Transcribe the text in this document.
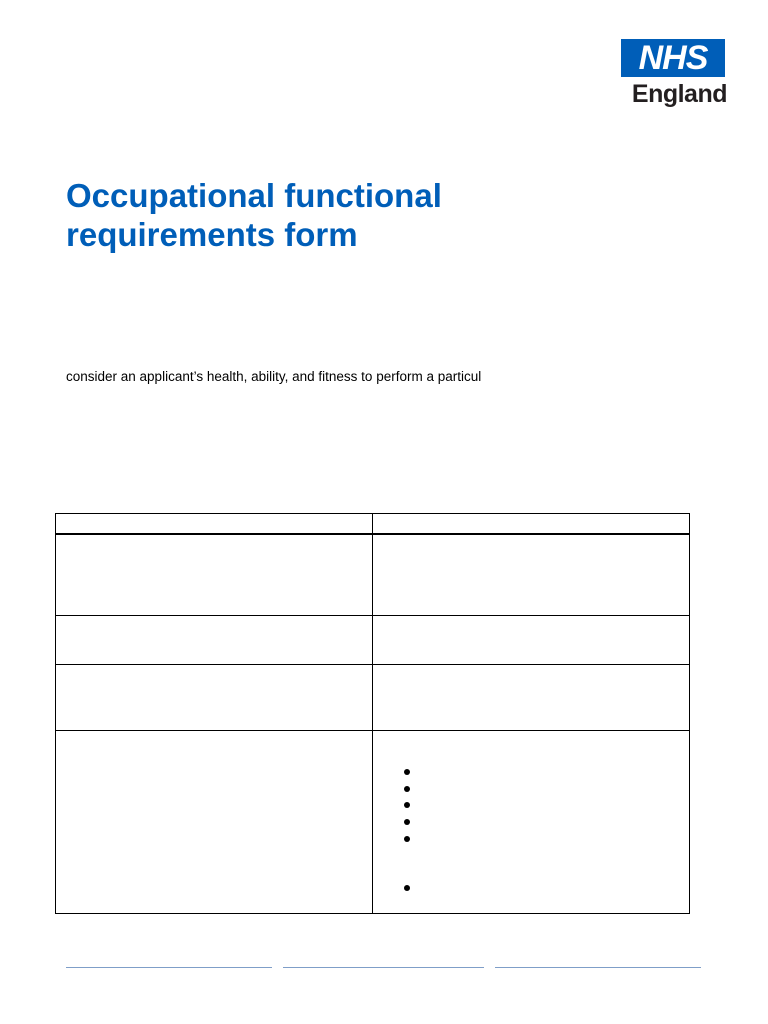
NHS
England
Occupational functional requirements form

consider an applicant’s health, ability, and fitness to perform a particul
